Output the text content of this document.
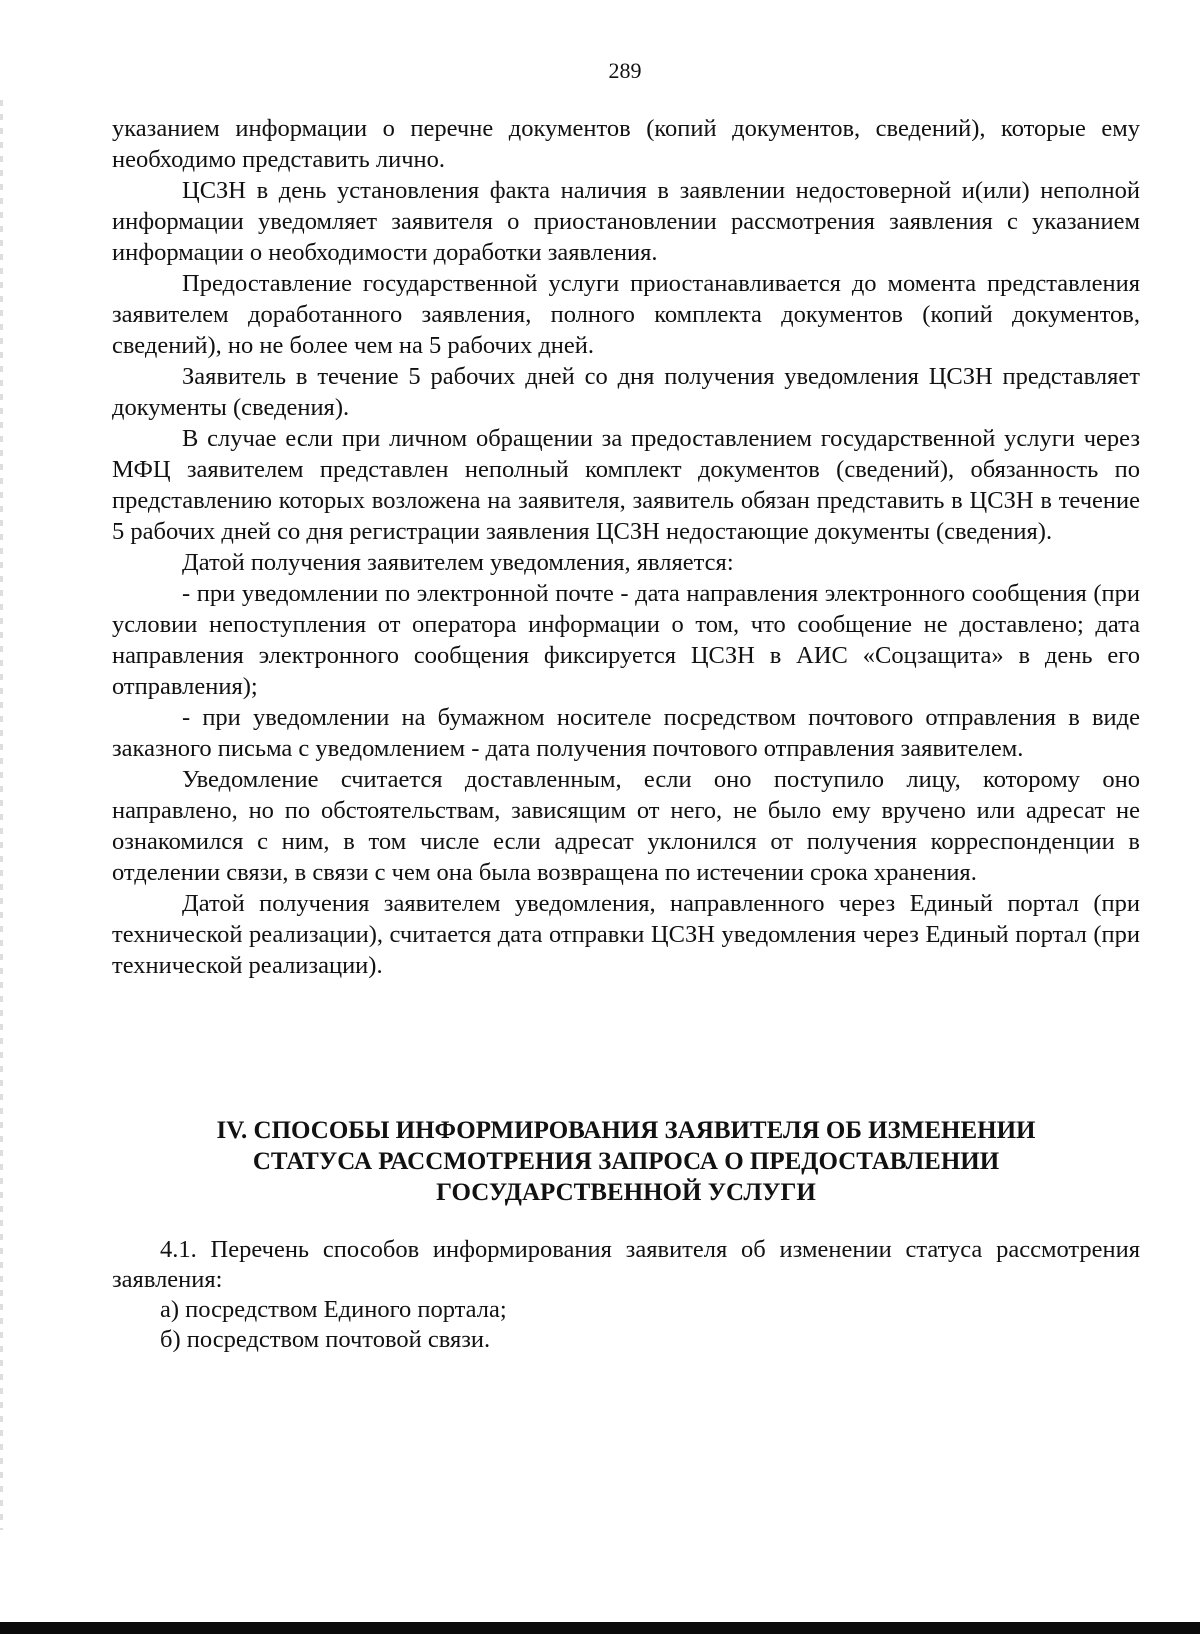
289

указанием информации о перечне документов (копий документов, сведений), которые ему необходимо представить лично.

ЦСЗН в день установления факта наличия в заявлении недостоверной и(или) неполной информации уведомляет заявителя о приостановлении рассмотрения заявления с указанием информации о необходимости доработки заявления.

Предоставление государственной услуги приостанавливается до момента представления заявителем доработанного заявления, полного комплекта документов (копий документов, сведений), но не более чем на 5 рабочих дней.

Заявитель в течение 5 рабочих дней со дня получения уведомления ЦСЗН представляет документы (сведения).

В случае если при личном обращении за предоставлением государственной услуги через МФЦ заявителем представлен неполный комплект документов (сведений), обязанность по представлению которых возложена на заявителя, заявитель обязан представить в ЦСЗН в течение 5 рабочих дней со дня регистрации заявления ЦСЗН недостающие документы (сведения).

Датой получения заявителем уведомления, является:

- при уведомлении по электронной почте - дата направления электронного сообщения (при условии непоступления от оператора информации о том, что сообщение не доставлено; дата направления электронного сообщения фиксируется ЦСЗН в АИС «Соцзащита» в день его отправления);

- при уведомлении на бумажном носителе посредством почтового отправления в виде заказного письма с уведомлением - дата получения почтового отправления заявителем.

Уведомление считается доставленным, если оно поступило лицу, которому оно направлено, но по обстоятельствам, зависящим от него, не было ему вручено или адресат не ознакомился с ним, в том числе если адресат уклонился от получения корреспонденции в отделении связи, в связи с чем она была возвращена по истечении срока хранения.

Датой получения заявителем уведомления, направленного через Единый портал (при технической реализации), считается дата отправки ЦСЗН уведомления через Единый портал (при технической реализации).

IV. СПОСОБЫ ИНФОРМИРОВАНИЯ ЗАЯВИТЕЛЯ ОБ ИЗМЕНЕНИИ
СТАТУСА РАССМОТРЕНИЯ ЗАПРОСА О ПРЕДОСТАВЛЕНИИ
ГОСУДАРСТВЕННОЙ УСЛУГИ

4.1. Перечень способов информирования заявителя об изменении статуса рассмотрения заявления:

а) посредством Единого портала;

б) посредством почтовой связи.
